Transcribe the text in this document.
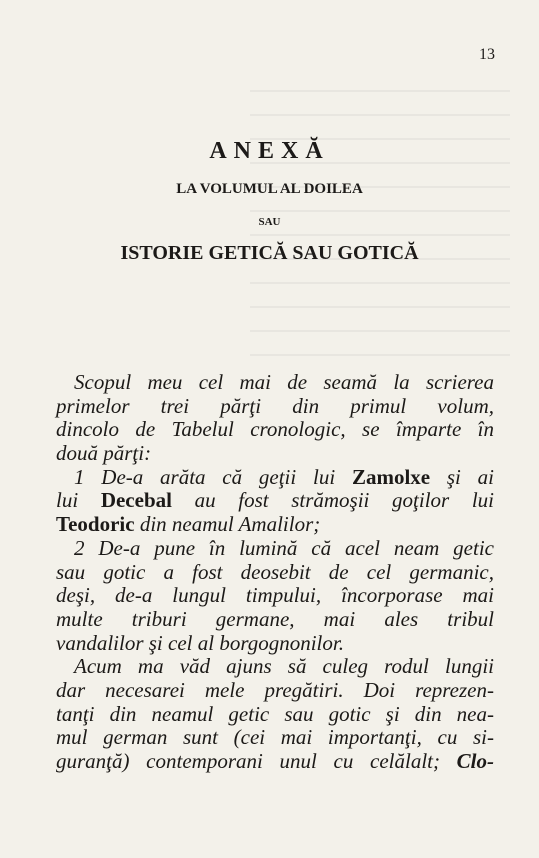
13
ANEXĂ
LA VOLUMUL AL DOILEA
SAU
ISTORIE GETICĂ SAU GOTICĂ
Scopul meu cel mai de seamă la scrierea
primelor trei părţi din primul volum,
dincolo de Tabelul cronologic, se împarte în
două părţi:
1 De-a arăta că geţii lui Zamolxe şi ai
lui Decebal au fost strămoşii goţilor lui
Teodoric din neamul Amalilor;
2 De-a pune în lumină că acel neam getic
sau gotic a fost deosebit de cel germanic,
deşi, de-a lungul timpului, încorporase mai
multe triburi germane, mai ales tribul
vandalilor şi cel al borgognonilor.
Acum ma văd ajuns să culeg rodul lungii
dar necesarei mele pregătiri. Doi reprezen-
tanţi din neamul getic sau gotic şi din nea-
mul german sunt (cei mai importanţi, cu si-
guranţă) contemporani unul cu celălalt; Clo-
